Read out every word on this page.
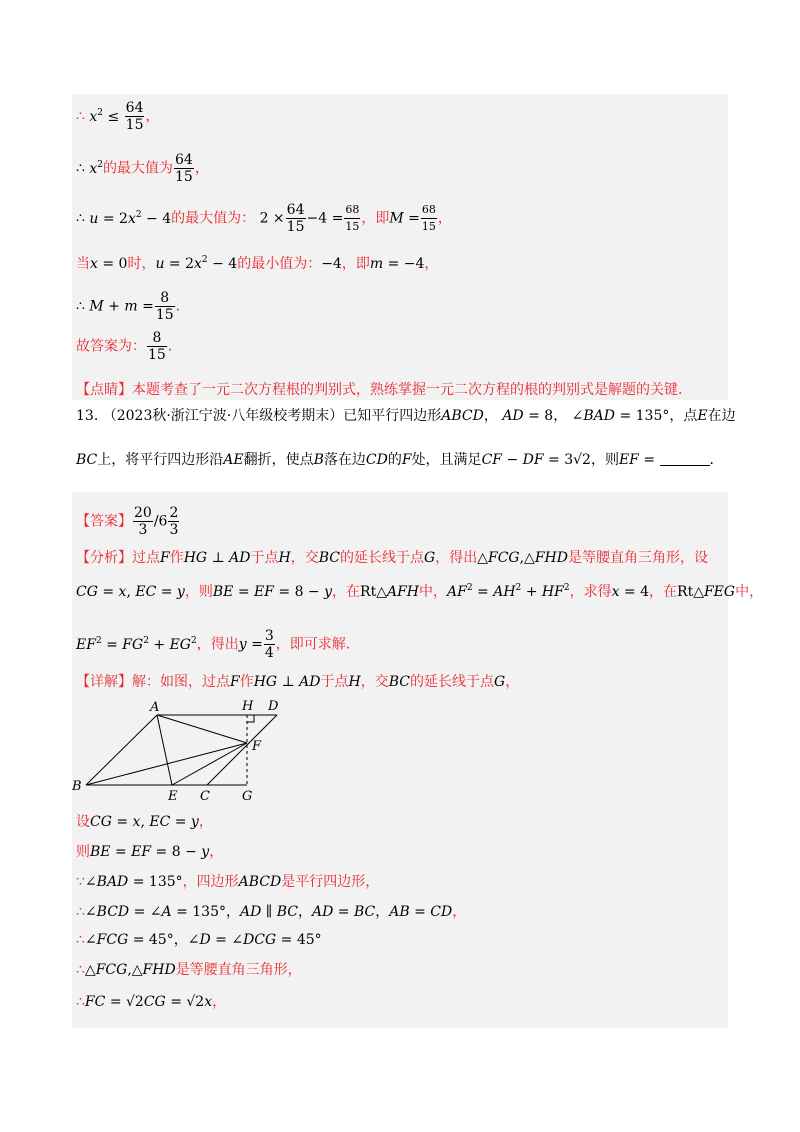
∴ $x^2 \le \frac{64}{15}$ ，
∴ $x^2$的最大值为 $\frac{64}{15}$ ，
∴ $u = 2x^2 - 4$的最大值为： $2 \times \frac{64}{15} -4 = \frac{68}{15}$ ，即$M = \frac{68}{15}$ ，
当x = 0时，$u = 2x^2 - 4$的最小值为：−4，即m = −4，
∴ $M + m = \frac{8}{15}$ ．
故答案为： $\frac{8}{15}$ ．
【点睛】本题考查了一元二次方程根的判别式，熟练掌握一元二次方程的根的判别式是解题的关键．
13. （2023秋·浙江宁波·八年级校考期末）已知平行四边形ABCD， AD = 8， ∠BAD = 135°，点E在边
BC上，将平行四边形沿AE翻折，使点B落在边CD的F处，且满足CF − DF = 3√2，则EF =	．
【答案】 $\frac{20}{3} /6 \frac{2}{3}$
【分析】过点F作HG ⊥ AD于点H，交BC的延长线于点G，得出△FCG,△FHD是等腰直角三角形，设
CG = x, EC = y，则BE = EF = 8 − y，在Rt△AFH中，$AF^2 = AH^2 + HF^2$，求得x = 4，在Rt△FEG中，
$EF^2 = FG^2 + EG^2$，得出$y = \frac{3}{4}$ ，即可求解．
【详解】解：如图，过点F作HG ⊥ AD于点H，交BC的延长线于点G，
A	H D
F
B
E C G
设CG = x, EC = y，
则BE = EF = 8 − y，
∵∠BAD = 135°，四边形ABCD是平行四边形，
∴∠BCD = ∠A = 135°，AD ∥ BC，AD = BC，AB = CD，
∴∠FCG = 45°，∠D = ∠DCG = 45°
∴△FCG,△FHD是等腰直角三角形，
∴FC = √2CG = √2x，
